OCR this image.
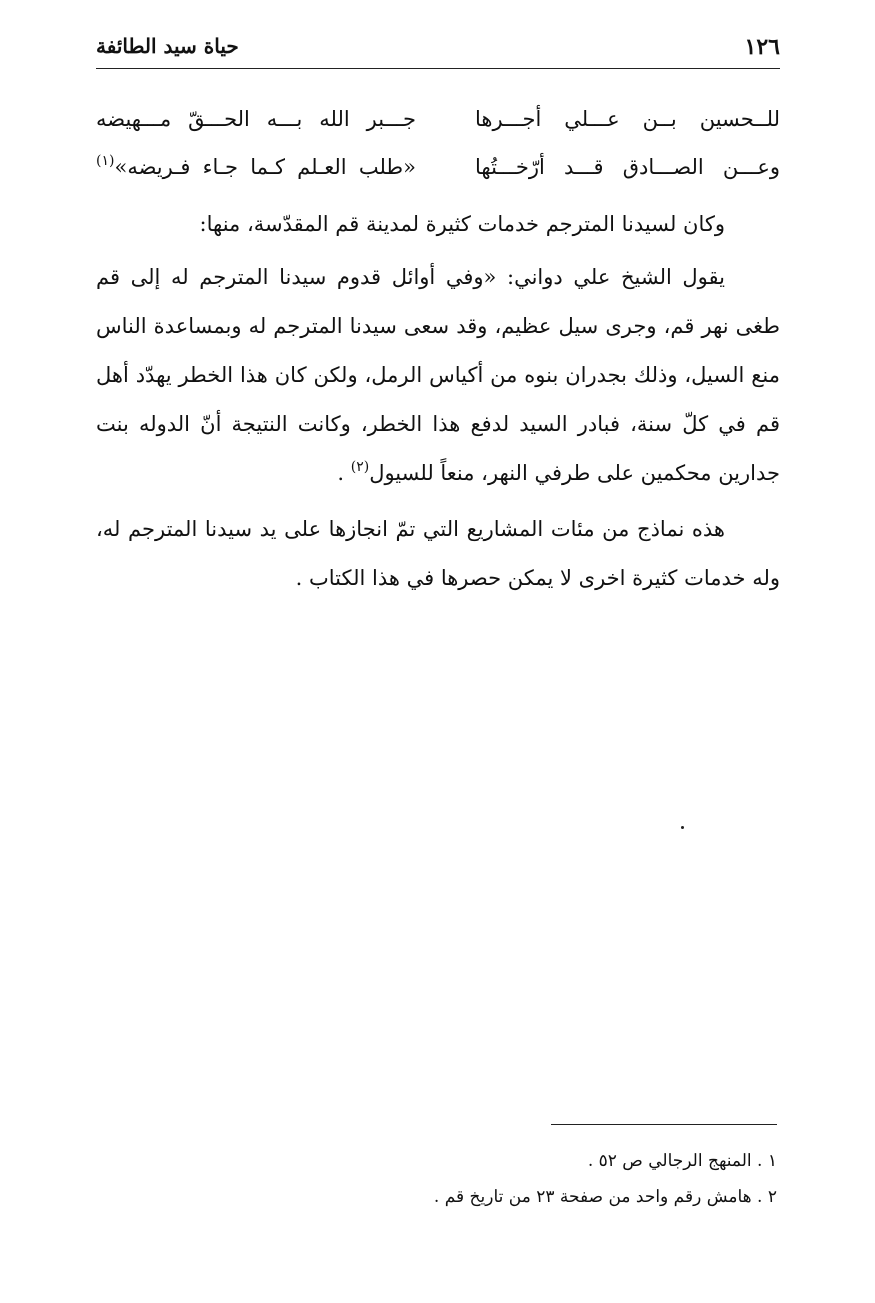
١٢٦
حياة سيد الطائفة
للــحسين بــن عـــلي أجـــرها
جـــبر الله بـــه الحـــقّ مـــهيضه
وعـــن الصـــادق قـــد أرّخـــتُها
«طلب العـلم كـما جـاء فـريضه»$^{(١)}$

وكان لسيدنا المترجم خدمات كثيرة لمدينة قم المقدّسة، منها:

يقول الشيخ علي دواني: «وفي أوائل قدوم سيدنا المترجم له إلى قم طغى نهر قم، وجرى سيل عظيم، وقد سعى سيدنا المترجم له وبمساعدة الناس منع السيل، وذلك بجدران بنوه من أكياس الرمل، ولكن كان هذا الخطر يهدّد أهل قم في كلّ سنة، فبادر السيد لدفع هذا الخطر، وكانت النتيجة أنّ الدوله بنت جدارين محكمين على طرفي النهر، منعاً للسيول$^{(٢)}$ .

هذه نماذج من مئات المشاريع التي تمّ انجازها على يد سيدنا المترجم له، وله خدمات كثيرة اخرى لا يمكن حصرها في هذا الكتاب .

١ . المنهج الرجالي ص ٥٢ .

٢ . هامش رقم واحد من صفحة ٢٣ من تاريخ قم .
